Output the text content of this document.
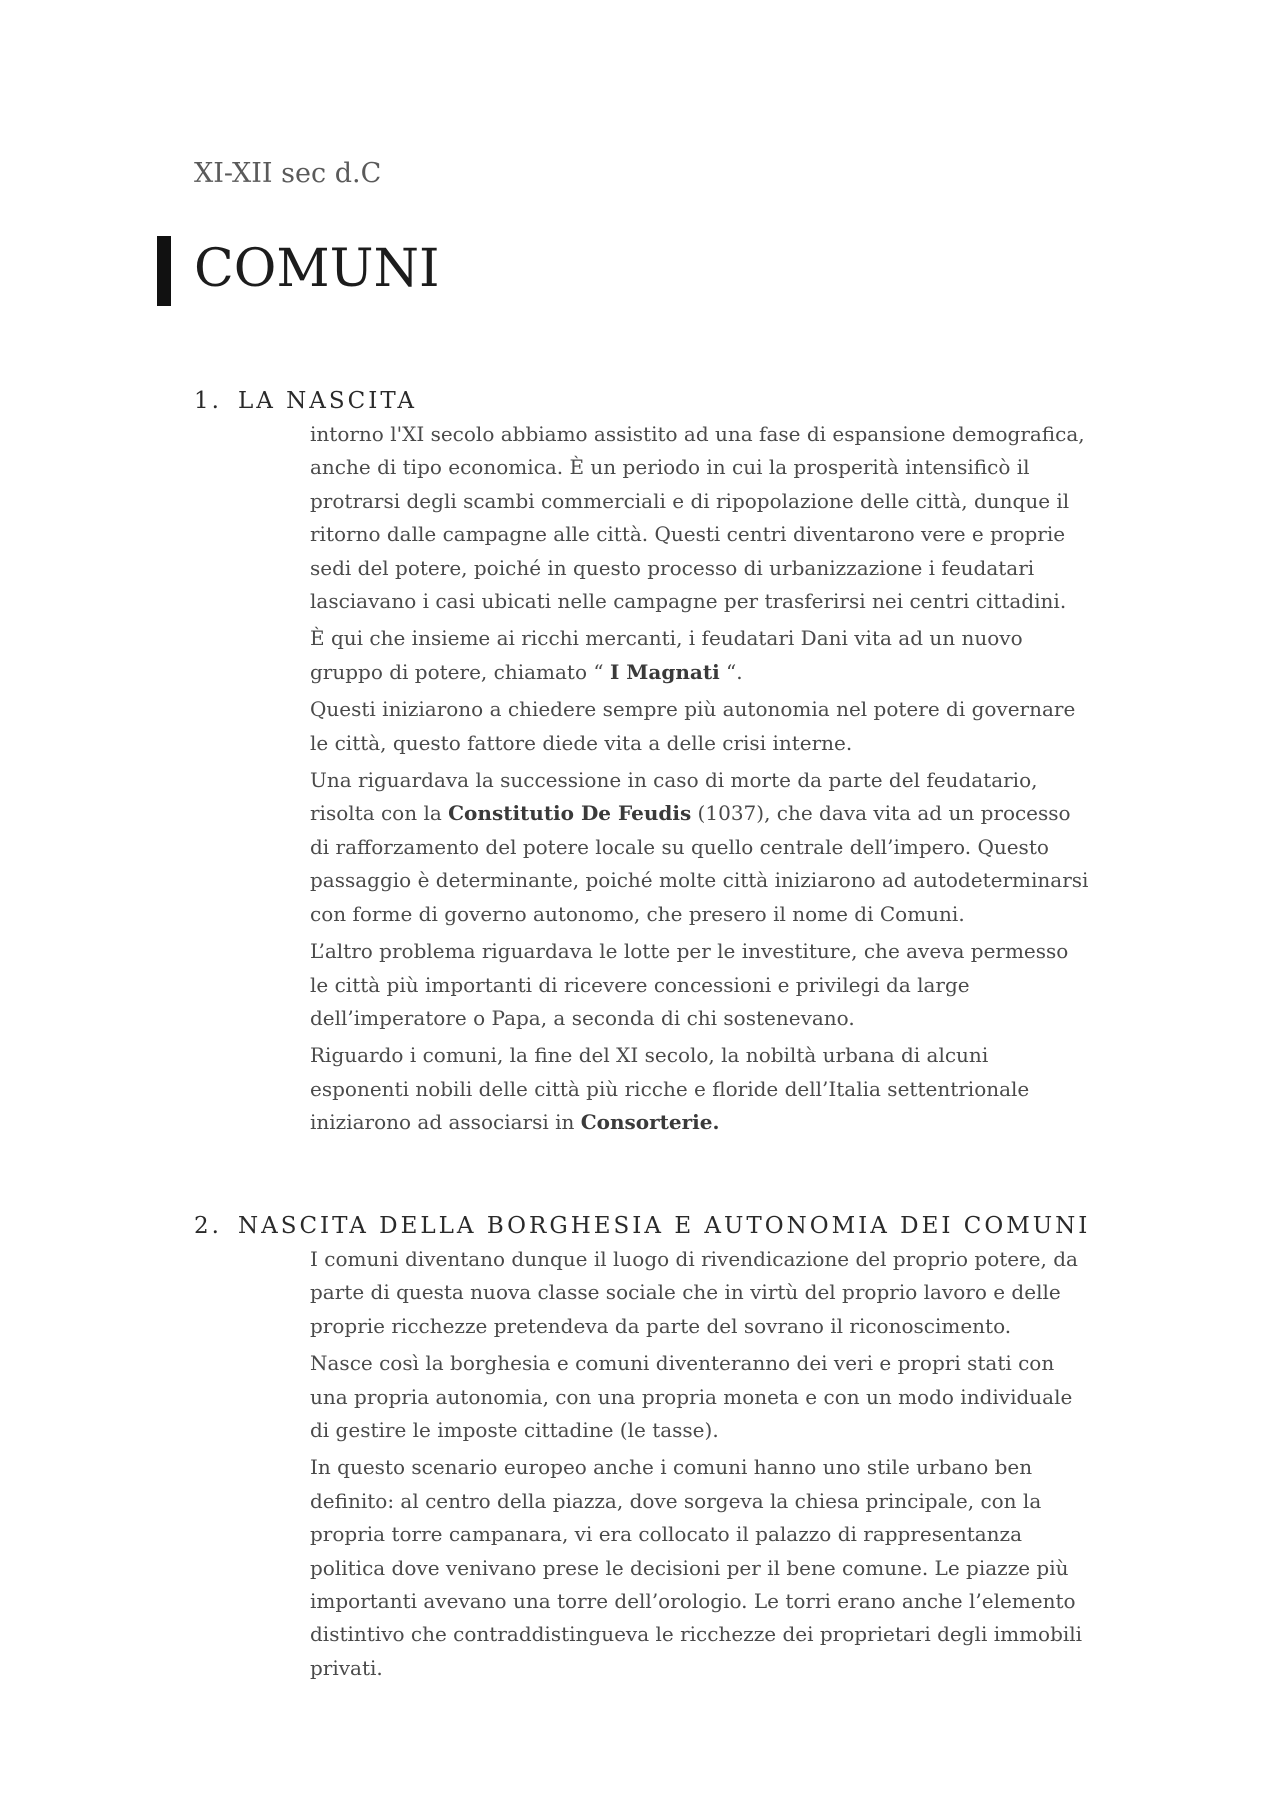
XI-XII sec d.C

COMUNI
1. LA NASCITA

intorno l'XI secolo abbiamo assistito ad una fase di espansione demografica, anche di tipo economica. È un periodo in cui la prosperità intensificò il protrarsi degli scambi commerciali e di ripopolazione delle città, dunque il ritorno dalle campagne alle città. Questi centri diventarono vere e proprie sedi del potere, poiché in questo processo di urbanizzazione i feudatari lasciavano i casi ubicati nelle campagne per trasferirsi nei centri cittadini.

È qui che insieme ai ricchi mercanti, i feudatari Dani vita ad un nuovo gruppo di potere, chiamato “ I Magnati “.

Questi iniziarono a chiedere sempre più autonomia nel potere di governare le città, questo fattore diede vita a delle crisi interne.

Una riguardava la successione in caso di morte da parte del feudatario, risolta con la Constitutio De Feudis (1037), che dava vita ad un processo di rafforzamento del potere locale su quello centrale dell’impero. Questo passaggio è determinante, poiché molte città iniziarono ad autodeterminarsi con forme di governo autonomo, che presero il nome di Comuni.

L’altro problema riguardava le lotte per le investiture, che aveva permesso le città più importanti di ricevere concessioni e privilegi da large dell’imperatore o Papa, a seconda di chi sostenevano.

Riguardo i comuni, la fine del XI secolo, la nobiltà urbana di alcuni esponenti nobili delle città più ricche e floride dell’Italia settentrionale iniziarono ad associarsi in Consorterie.

2. NASCITA DELLA BORGHESIA E AUTONOMIA DEI COMUNI

I comuni diventano dunque il luogo di rivendicazione del proprio potere, da parte di questa nuova classe sociale che in virtù del proprio lavoro e delle proprie ricchezze pretendeva da parte del sovrano il riconoscimento.

Nasce così la borghesia e comuni diventeranno dei veri e propri stati con una propria autonomia, con una propria moneta e con un modo individuale di gestire le imposte cittadine (le tasse).

In questo scenario europeo anche i comuni hanno uno stile urbano ben definito: al centro della piazza, dove sorgeva la chiesa principale, con la propria torre campanara, vi era collocato il palazzo di rappresentanza politica dove venivano prese le decisioni per il bene comune. Le piazze più importanti avevano una torre dell’orologio. Le torri erano anche l’elemento distintivo che contraddistingueva le ricchezze dei proprietari degli immobili privati.
